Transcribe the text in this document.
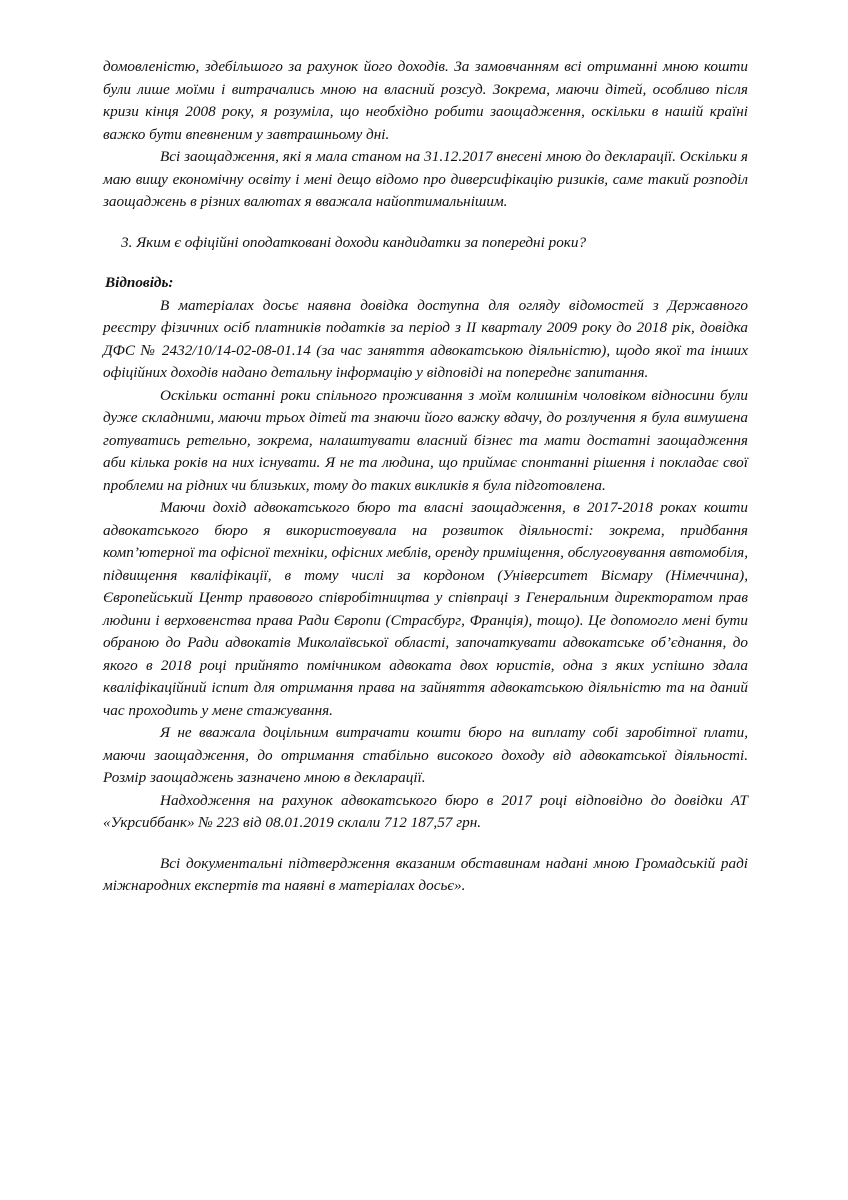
домовленістю, здебільшого за рахунок його доходів. За замовчанням всі отриманні мною кошти були лише моїми і витрачались мною на власний розсуд. Зокрема, маючи дітей, особливо після кризи кінця 2008 року, я розуміла, що необхідно робити заощадження, оскільки в нашій країні важко бути впевненим у завтрашньому дні.

Всі заощадження, які я мала станом на 31.12.2017 внесені мною до декларації. Оскільки я маю вищу економічну освіту і мені дещо відомо про диверсифікацію ризиків, саме такий розподіл заощаджень в різних валютах я вважала найоптимальнішим.

3. Яким є офіційні оподатковані доходи кандидатки за попередні роки?

Відповідь:

В матеріалах досьє наявна довідка доступна для огляду відомостей з Державного реєстру фізичних осіб платників податків за період з ІІ кварталу 2009 року до 2018 рік, довідка ДФС № 2432/10/14-02-08-01.14 (за час заняття адвокатською діяльністю), щодо якої та інших офіційних доходів надано детальну інформацію у відповіді на попереднє запитання.

Оскільки останні роки спільного проживання з моїм колишнім чоловіком відносини були дуже складними, маючи трьох дітей та знаючи його важку вдачу, до розлучення я була вимушена готуватись ретельно, зокрема, налаштувати власний бізнес та мати достатні заощадження аби кілька років на них існувати. Я не та людина, що приймає спонтанні рішення і покладає свої проблеми на рідних чи близьких, тому до таких викликів я була підготовлена.

Маючи дохід адвокатського бюро та власні заощадження, в 2017-2018 роках кошти адвокатського бюро я використовувала на розвиток діяльності: зокрема, придбання комп’ютерної та офісної техніки, офісних меблів, оренду приміщення, обслуговування автомобіля, підвищення кваліфікації, в тому числі за кордоном (Університет Вісмару (Німеччина), Європейський Центр правового співробітництва у співпраці з Генеральним директоратом прав людини і верховенства права Ради Європи (Страсбург, Франція), тощо). Це допомогло мені бути обраною до Ради адвокатів Миколаївської області, започаткувати адвокатське об’єднання, до якого в 2018 році прийнято помічником адвоката двох юристів, одна з яких успішно здала кваліфікаційний іспит для отримання права на зайняття адвокатською діяльністю та на даний час проходить у мене стажування.

Я не вважала доцільним витрачати кошти бюро на виплату собі заробітної плати, маючи заощадження, до отримання стабільно високого доходу від адвокатської діяльності. Розмір заощаджень зазначено мною в декларації.

Надходження на рахунок адвокатського бюро в 2017 році відповідно до довідки АТ «Укрсиббанк» № 223 від 08.01.2019 склали 712 187,57 грн.

Всі документальні підтвердження вказаним обставинам надані мною Громадській раді міжнародних експертів та наявні в матеріалах досьє».
